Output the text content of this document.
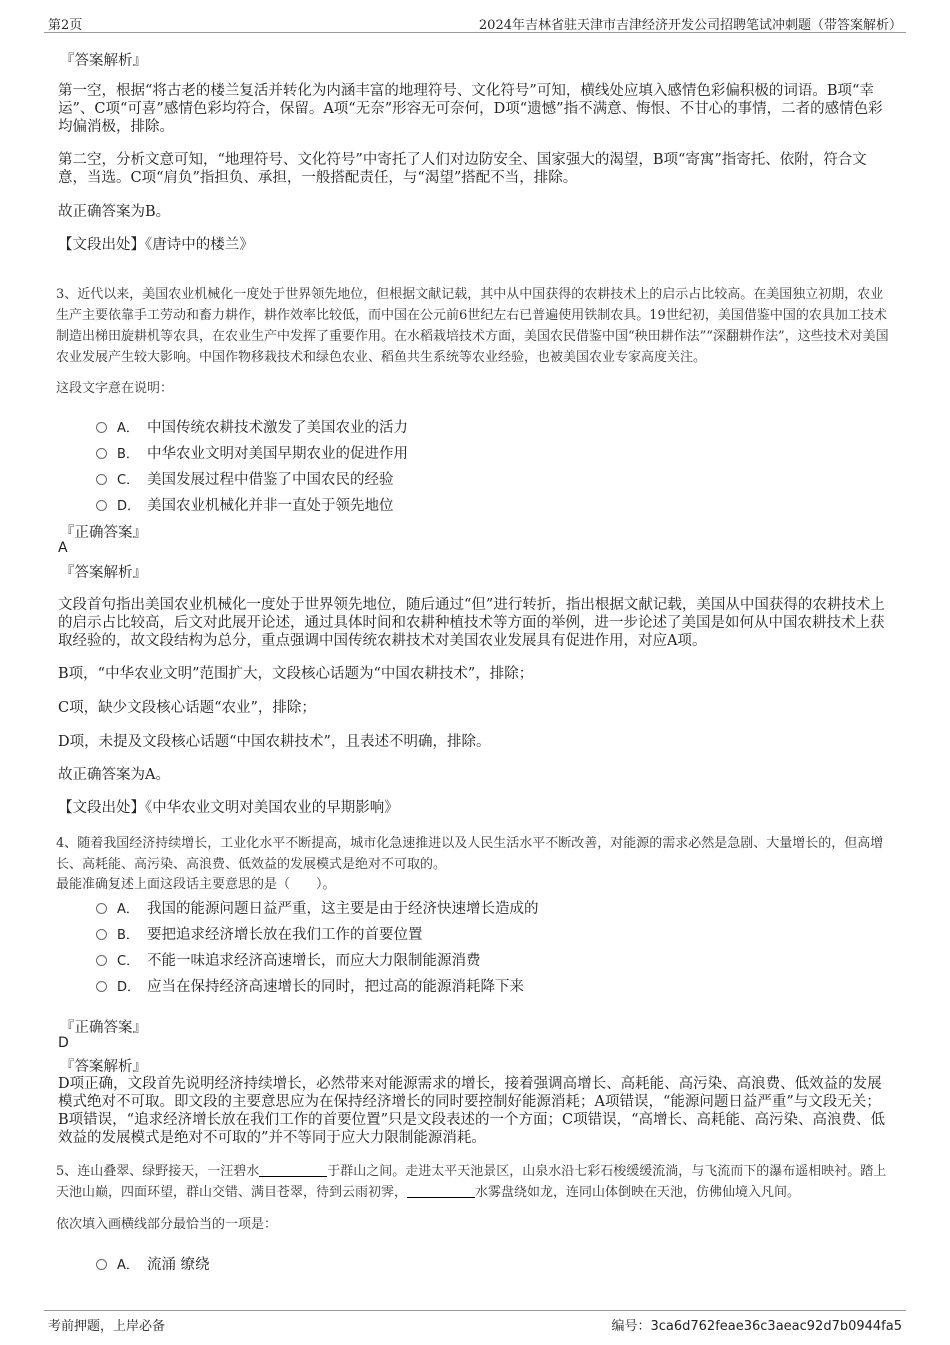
第2页	2024年吉林省驻天津市吉津经济开发公司招聘笔试冲刺题（带答案解析）
『答案解析』
第一空，根据“将古老的楼兰复活并转化为内涵丰富的地理符号、文化符号”可知，横线处应填入感情色彩偏积极的词语。B项“幸运”、C项“可喜”感情色彩均符合，保留。A项“无奈”形容无可奈何，D项“遗憾”指不满意、悔恨、不甘心的事情，二者的感情色彩均偏消极，排除。
第二空，分析文意可知，“地理符号、文化符号”中寄托了人们对边防安全、国家强大的渴望，B项“寄寓”指寄托、依附，符合文意，当选。C项“肩负”指担负、承担，一般搭配责任，与“渴望”搭配不当，排除。
故正确答案为B。
【文段出处】《唐诗中的楼兰》
3、近代以来，美国农业机械化一度处于世界领先地位，但根据文献记载，其中从中国获得的农耕技术上的启示占比较高。在美国独立初期，农业生产主要依靠手工劳动和畜力耕作，耕作效率比较低，而中国在公元前6世纪左右已普遍使用铁制农具。19世纪初，美国借鉴中国的农具加工技术制造出梯田旋耕机等农具，在农业生产中发挥了重要作用。在水稻栽培技术方面，美国农民借鉴中国“秧田耕作法”“深翻耕作法”，这些技术对美国农业发展产生较大影响。中国作物移栽技术和绿色农业、稻鱼共生系统等农业经验，也被美国农业专家高度关注。
这段文字意在说明：
A． 中国传统农耕技术激发了美国农业的活力
B． 中华农业文明对美国早期农业的促进作用
C． 美国发展过程中借鉴了中国农民的经验
D． 美国农业机械化并非一直处于领先地位
『正确答案』
A
『答案解析』
文段首句指出美国农业机械化一度处于世界领先地位，随后通过“但”进行转折，指出根据文献记载，美国从中国获得的农耕技术上的启示占比较高，后文对此展开论述，通过具体时间和农耕种植技术等方面的举例，进一步论述了美国是如何从中国农耕技术上获取经验的，故文段结构为总分，重点强调中国传统农耕技术对美国农业发展具有促进作用，对应A项。
B项，“中华农业文明”范围扩大，文段核心话题为“中国农耕技术”，排除；
C项，缺少文段核心话题“农业”，排除；
D项，未提及文段核心话题“中国农耕技术”，且表述不明确，排除。
故正确答案为A。
【文段出处】《中华农业文明对美国农业的早期影响》
4、随着我国经济持续增长，工业化水平不断提高，城市化急速推进以及人民生活水平不断改善，对能源的需求必然是急剧、大量增长的，但高增长、高耗能、高污染、高浪费、低效益的发展模式是绝对不可取的。
最能准确复述上面这段话主要意思的是（　　）。
A． 我国的能源问题日益严重，这主要是由于经济快速增长造成的
B． 要把追求经济增长放在我们工作的首要位置
C． 不能一味追求经济高速增长，而应大力限制能源消费
D． 应当在保持经济高速增长的同时，把过高的能源消耗降下来
『正确答案』
D
『答案解析』
D项正确，文段首先说明经济持续增长，必然带来对能源需求的增长，接着强调高增长、高耗能、高污染、高浪费、低效益的发展模式绝对不可取。即文段的主要意思应为在保持经济增长的同时要控制好能源消耗；A项错误，“能源问题日益严重”与文段无关；B项错误，“追求经济增长放在我们工作的首要位置”只是文段表述的一个方面；C项错误，“高增长、高耗能、高污染、高浪费、低效益的发展模式是绝对不可取的”并不等同于应大力限制能源消耗。
5、连山叠翠、绿野接天，一汪碧水	于群山之间。走进太平天池景区，山泉水沿七彩石梭缓缓流淌，与飞流而下的瀑布遥相映衬。踏上天池山巅，四面环望，群山交错、满目苍翠，待到云雨初霁，	水雾盘绕如龙，连同山体倒映在天池，仿佛仙境入凡间。
依次填入画横线部分最恰当的一项是：
A． 流涌 缭绕
考前押题，上岸必备	编号：3ca6d762feae36c3aeac92d7b0944fa5
